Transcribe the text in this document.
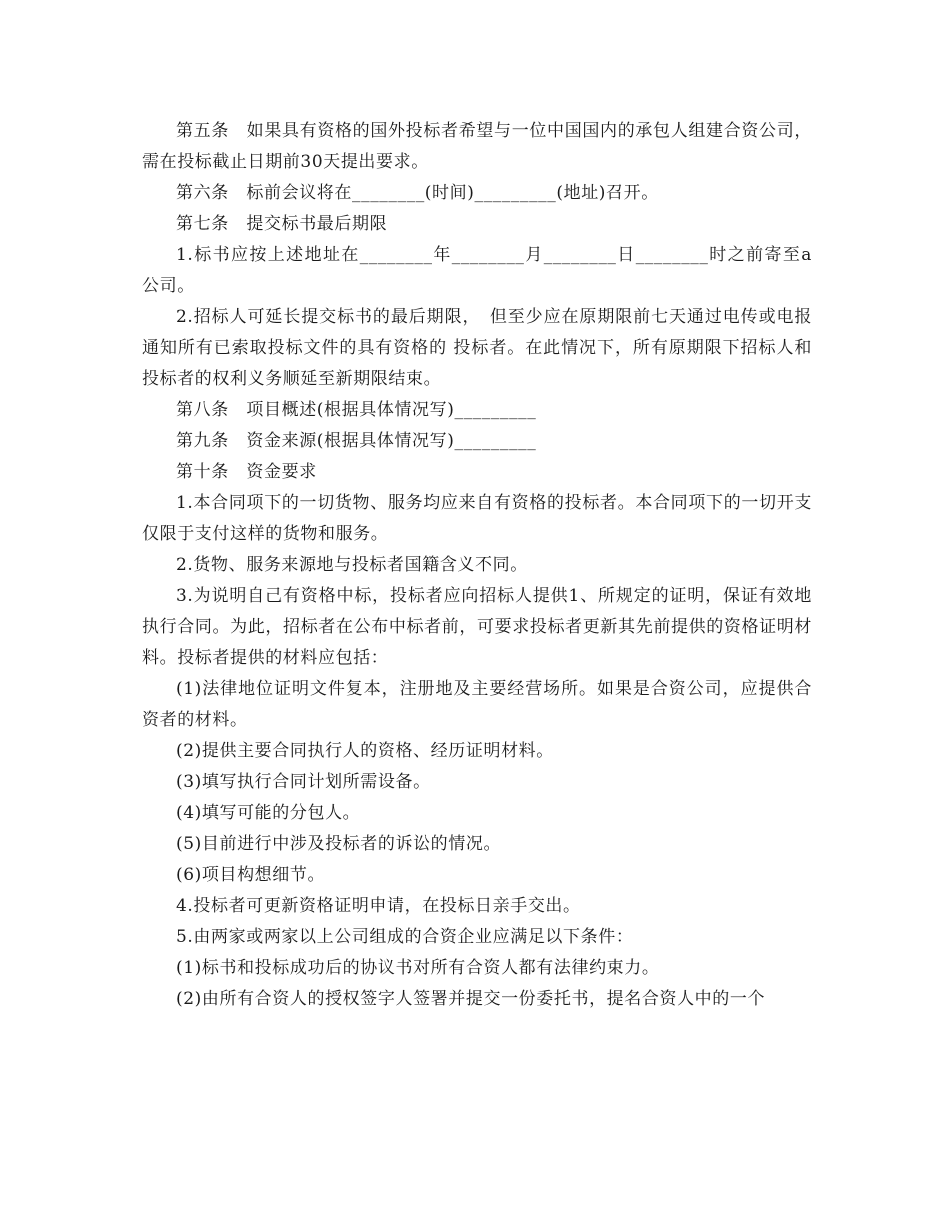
第五条　如果具有资格的国外投标者希望与一位中国国内的承包人组建合资公司，需在投标截止日期前30天提出要求。

第六条　标前会议将在________(时间)_________(地址)召开。

第七条　提交标书最后期限

1.标书应按上述地址在________年________月________日________时之前寄至a公司。

2.招标人可延长提交标书的最后期限，　但至少应在原期限前七天通过电传或电报通知所有已索取投标文件的具有资格的 投标者。在此情况下，所有原期限下招标人和投标者的权利义务顺延至新期限结束。

第八条　项目概述(根据具体情况写)_________

第九条　资金来源(根据具体情况写)_________

第十条　资金要求

1.本合同项下的一切货物、服务均应来自有资格的投标者。本合同项下的一切开支仅限于支付这样的货物和服务。

2.货物、服务来源地与投标者国籍含义不同。

3.为说明自己有资格中标，投标者应向招标人提供1、所规定的证明，保证有效地执行合同。为此，招标者在公布中标者前，可要求投标者更新其先前提供的资格证明材料。投标者提供的材料应包括：

(1)法律地位证明文件复本，注册地及主要经营场所。如果是合资公司，应提供合资者的材料。

(2)提供主要合同执行人的资格、经历证明材料。

(3)填写执行合同计划所需设备。

(4)填写可能的分包人。

(5)目前进行中涉及投标者的诉讼的情况。

(6)项目构想细节。

4.投标者可更新资格证明申请，在投标日亲手交出。

5.由两家或两家以上公司组成的合资企业应满足以下条件：

(1)标书和投标成功后的协议书对所有合资人都有法律约束力。

(2)由所有合资人的授权签字人签署并提交一份委托书，提名合资人中的一个
